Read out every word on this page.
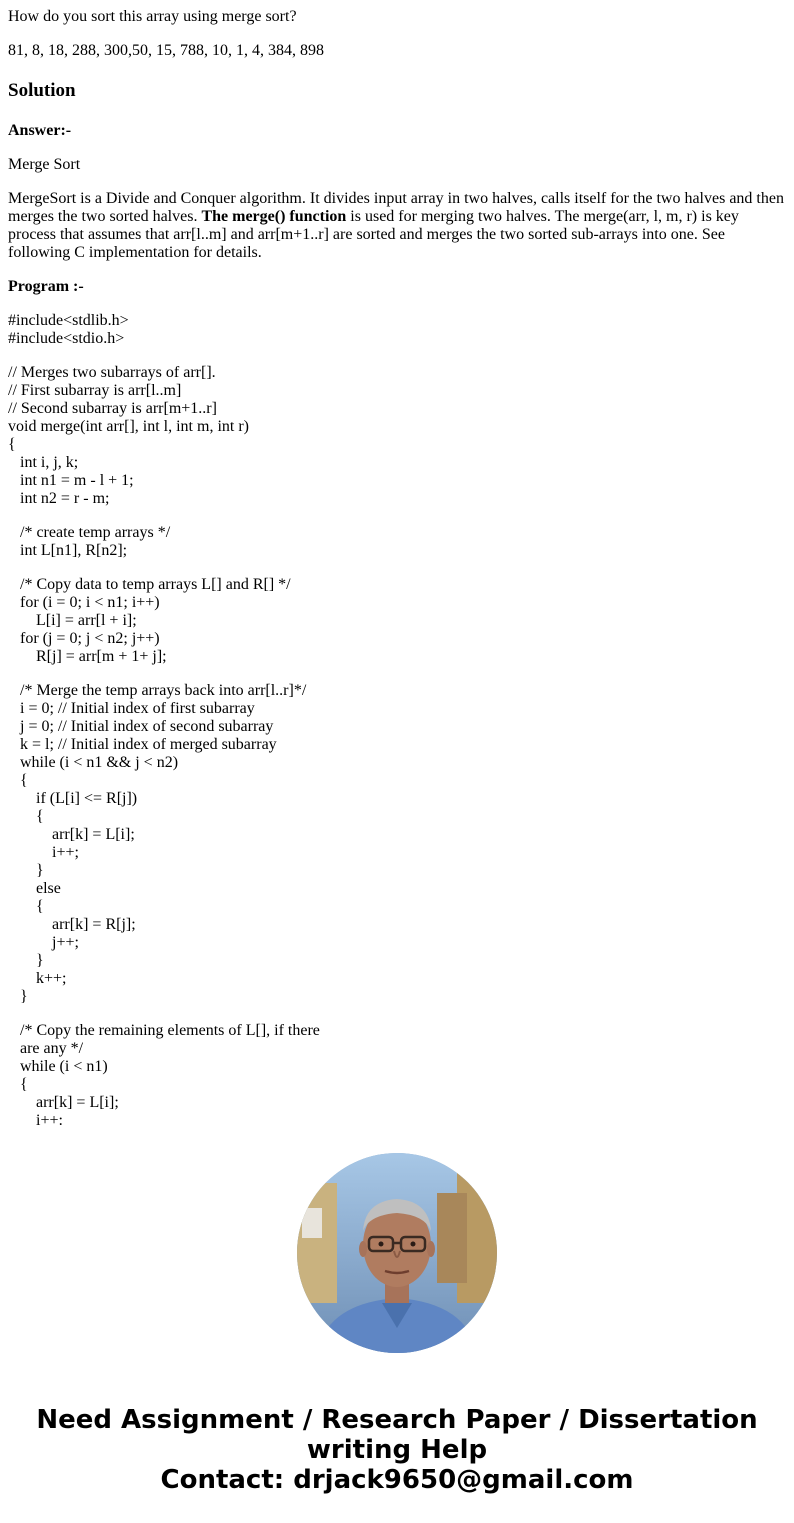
How do you sort this array using merge sort?

81, 8, 18, 288, 300,50, 15, 788, 10, 1, 4, 384, 898

Solution

Answer:-

Merge Sort

MergeSort is a Divide and Conquer algorithm. It divides input array in two halves, calls itself for the two halves and then merges the two sorted halves. The merge() function is used for merging two halves. The merge(arr, l, m, r) is key process that assumes that arr[l..m] and arr[m+1..r] are sorted and merges the two sorted sub-arrays into one. See following C implementation for details.

Program :-

#include<stdlib.h>

#include<stdio.h>

// Merges two subarrays of arr[].

// First subarray is arr[l..m]

// Second subarray is arr[m+1..r]

void merge(int arr[], int l, int m, int r)

{

int i, j, k;

int n1 = m - l + 1;

int n2 = r - m;

/* create temp arrays */

int L[n1], R[n2];

/* Copy data to temp arrays L[] and R[] */

for (i = 0; i < n1; i++)

L[i] = arr[l + i];

for (j = 0; j < n2; j++)

R[j] = arr[m + 1+ j];

/* Merge the temp arrays back into arr[l..r]*/

i = 0; // Initial index of first subarray

j = 0; // Initial index of second subarray

k = l; // Initial index of merged subarray

while (i < n1 && j < n2)

{

if (L[i] <= R[j])

{

arr[k] = L[i];

i++;

}

else

{

arr[k] = R[j];

j++;

}

k++;

}

/* Copy the remaining elements of L[], if there

are any */

while (i < n1)

{

arr[k] = L[i];

i++:

Need Assignment / Research Paper / Dissertation
writing Help
Contact: drjack9650@gmail.com
